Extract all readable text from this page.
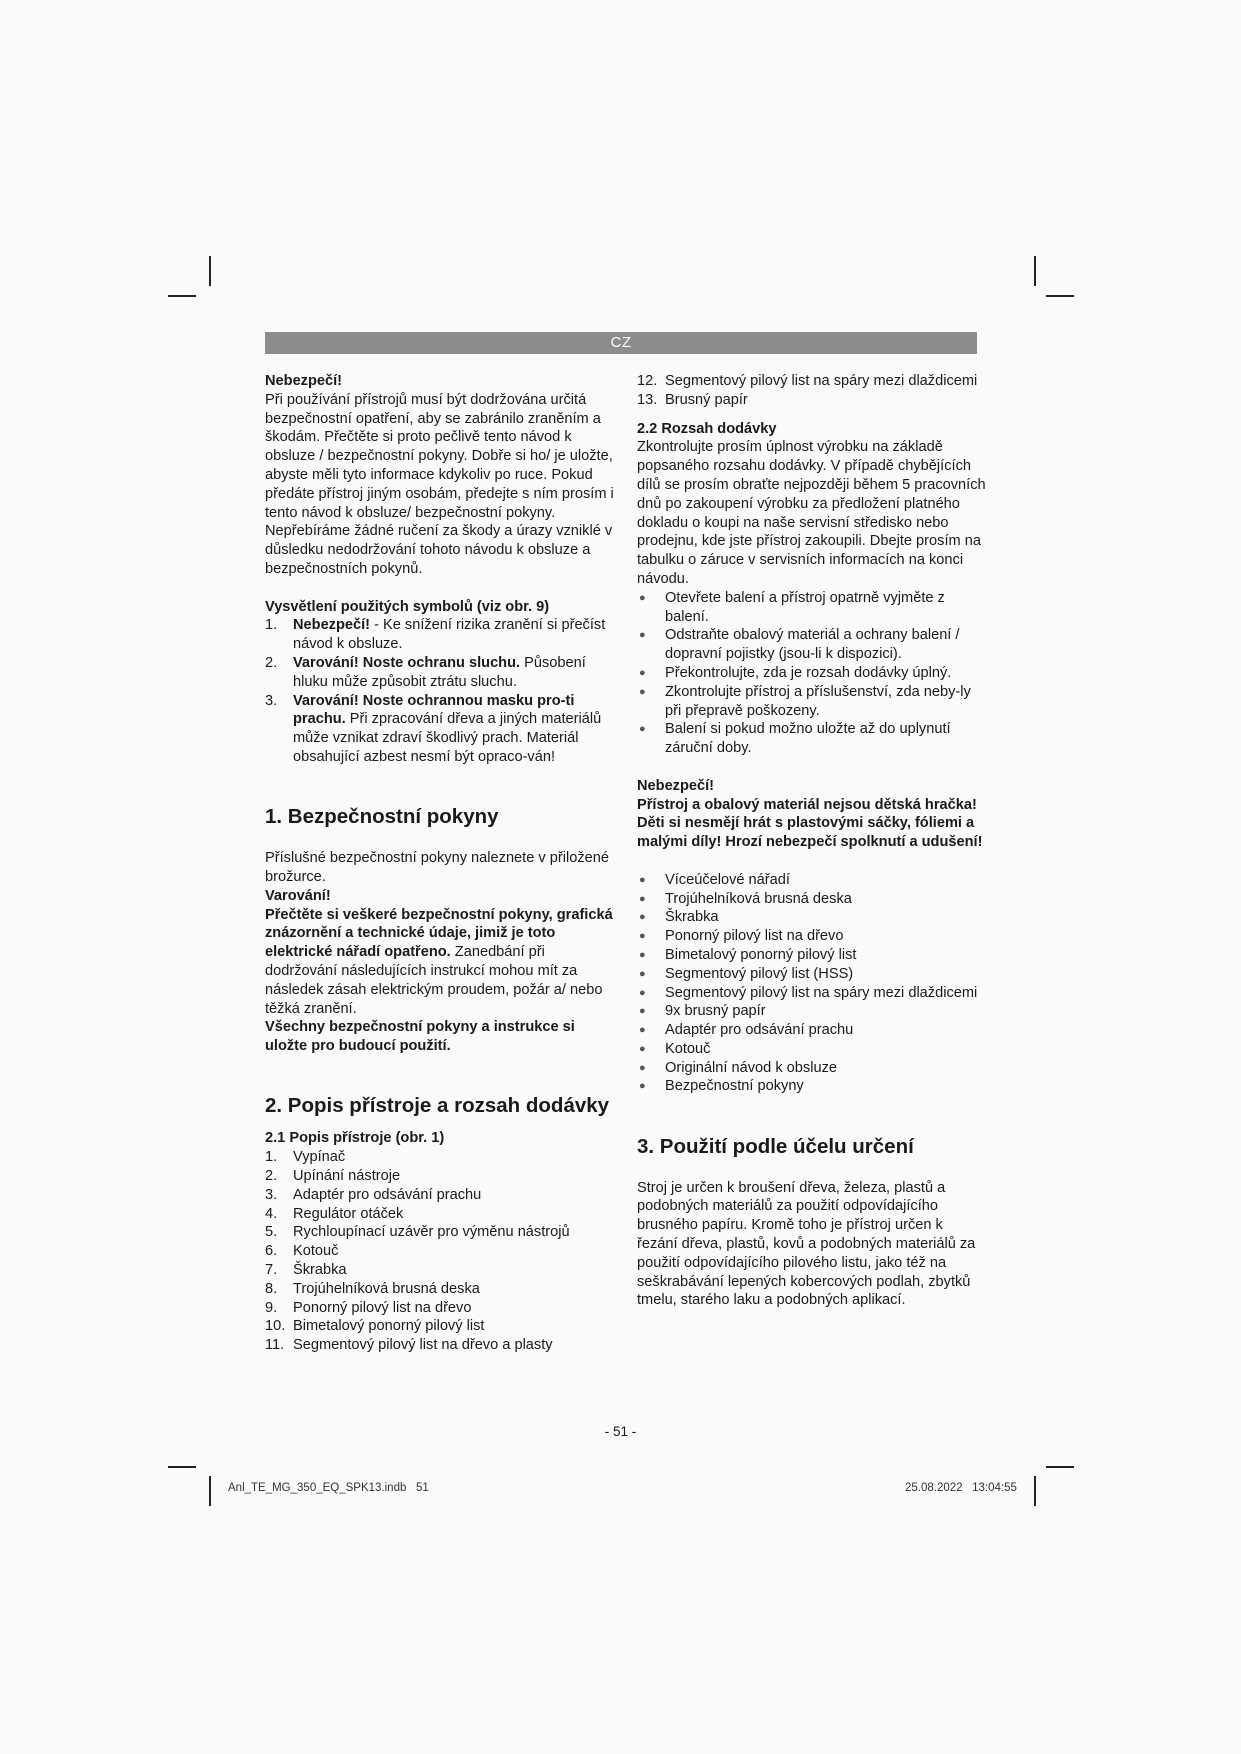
CZ

Nebezpečí!

Při používání přístrojů musí být dodržována určitá bezpečnostní opatření, aby se zabránilo zraněním a škodám. Přečtěte si proto pečlivě tento návod k obsluze / bezpečnostní pokyny. Dobře si ho/ je uložte, abyste měli tyto informace kdykoliv po ruce. Pokud předáte přístroj jiným osobám, předejte s ním prosím i tento návod k obsluze/ bezpečnostní pokyny. Nepřebíráme žádné ručení za škody a úrazy vzniklé v důsledku nedodržování tohoto návodu k obsluze a bezpečnostních pokynů.

Vysvětlení použitých symbolů (viz obr. 9)

1.	Nebezpečí! - Ke snížení rizika zranění si přečíst návod k obsluze.
2.	Varování! Noste ochranu sluchu. Působení hluku může způsobit ztrátu sluchu.
3.	Varování! Noste ochrannou masku pro-ti prachu. Při zpracování dřeva a jiných materiálů může vznikat zdraví škodlivý prach. Materiál obsahující azbest nesmí být opraco-ván!

1. Bezpečnostní pokyny

Příslušné bezpečnostní pokyny naleznete v přiložené brožurce.

Varování!

Přečtěte si veškeré bezpečnostní pokyny, grafická znázornění a technické údaje, jimiž je toto elektrické nářadí opatřeno. Zanedbání při dodržování následujících instrukcí mohou mít za následek zásah elektrickým proudem, požár a/ nebo těžká zranění.

Všechny bezpečnostní pokyny a instrukce si uložte pro budoucí použití.

2. Popis přístroje a rozsah dodávky

2.1 Popis přístroje (obr. 1)

1.	Vypínač
2.	Upínání nástroje
3.	Adaptér pro odsávání prachu
4.	Regulátor otáček
5.	Rychloupínací uzávěr pro výměnu nástrojů
6.	Kotouč
7.	Škrabka
8.	Trojúhelníková brusná deska
9.	Ponorný pilový list na dřevo
10. Bimetalový ponorný pilový list
11. Segmentový pilový list na dřevo a plasty
12. Segmentový pilový list na spáry mezi dlaždicemi
13. Brusný papír

2.2 Rozsah dodávky

Zkontrolujte prosím úplnost výrobku na základě popsaného rozsahu dodávky. V případě chybějících dílů se prosím obraťte nejpozději během 5 pracovních dnů po zakoupení výrobku za předložení platného dokladu o koupi na naše servisní středisko nebo prodejnu, kde jste přístroj zakoupili. Dbejte prosím na tabulku o záruce v servisních informacích na konci návodu.

●	Otevřete balení a přístroj opatrně vyjměte z balení.
●	Odstraňte obalový materiál a ochrany balení / dopravní pojistky (jsou-li k dispozici).
●	Překontrolujte, zda je rozsah dodávky úplný.
●	Zkontrolujte přístroj a příslušenství, zda neby-ly při přepravě poškozeny.
●	Balení si pokud možno uložte až do uplynutí záruční doby.

Nebezpečí!

Přístroj a obalový materiál nejsou dětská hračka! Děti si nesmějí hrát s plastovými sáčky, fóliemi a malými díly! Hrozí nebezpečí spolknutí a udušení!

●	Víceúčelové nářadí
●	Trojúhelníková brusná deska
●	Škrabka
●	Ponorný pilový list na dřevo
●	Bimetalový ponorný pilový list
●	Segmentový pilový list (HSS)
●	Segmentový pilový list na spáry mezi dlaždicemi
●	9x brusný papír
●	Adaptér pro odsávání prachu
●	Kotouč
●	Originální návod k obsluze
●	Bezpečnostní pokyny

3. Použití podle účelu určení

Stroj je určen k broušení dřeva, železa, plastů a podobných materiálů za použití odpovídajícího brusného papíru. Kromě toho je přístroj určen k řezání dřeva, plastů, kovů a podobných materiálů za použití odpovídajícího pilového listu, jako též na seškrabávání lepených kobercových podlah, zbytků tmelu, starého laku a podobných aplikací.

- 51 -
Anl_TE_MG_350_EQ_SPK13.indb   51	25.08.2022   13:04:55
